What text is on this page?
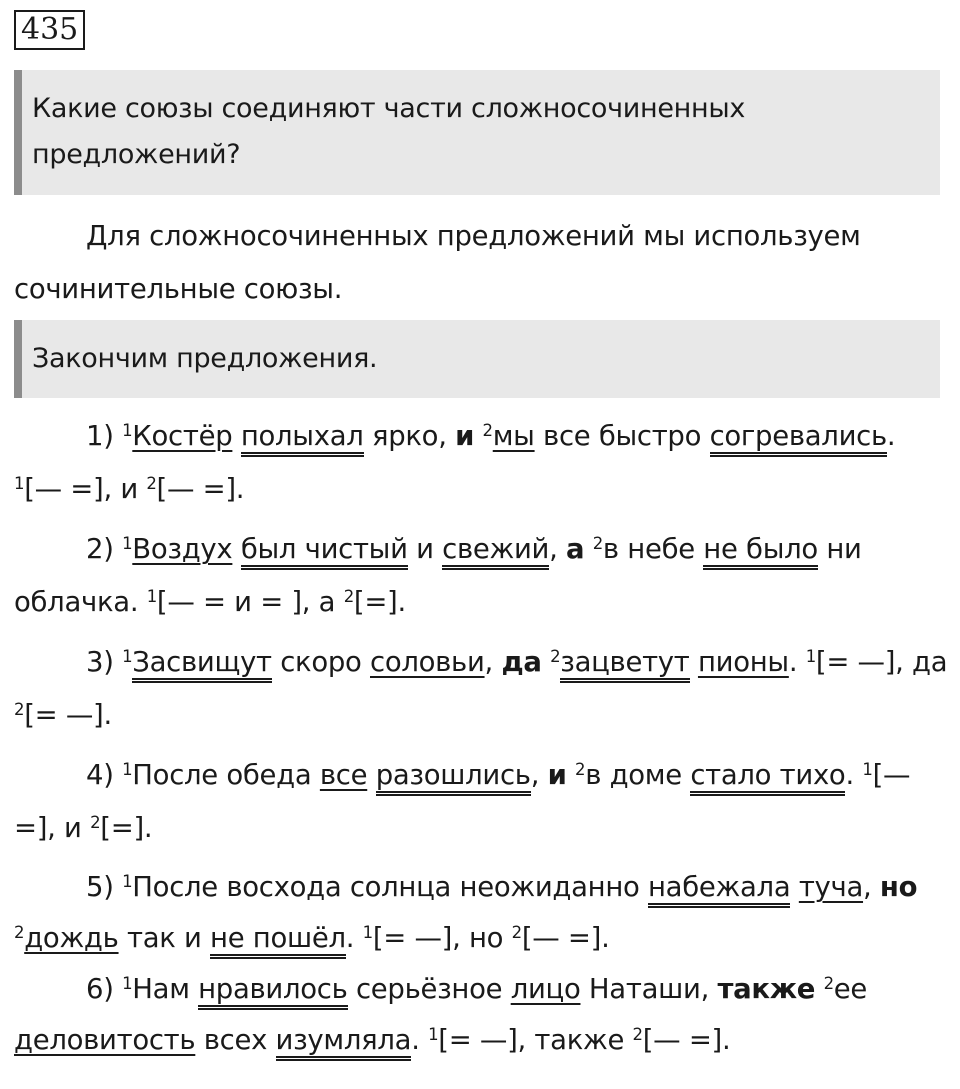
435
Какие союзы соединяют части сложносочиненных предложений?

Для сложносочиненных предложений мы используем сочинительные союзы.

Закончим предложения.

1) $^1$Костёр полыхал ярко, и $^2$мы все быстро согревались. $^1$[— =], и $^2$[— =].

2) $^1$Воздух был чистый и свежий, а $^2$в небе не было ни облачка. $^1$[— = и = ], а $^2$[=].

3) $^1$Засвищут скоро соловьи, да $^2$зацветут пионы. $^1$[= —], да $^2$[= —].

4) $^1$После обеда все разошлись, и $^2$в доме стало тихо. $^1$[— =], и $^2$[=].

5) $^1$После восхода солнца неожиданно набежала туча, но $^2$дождь так и не пошёл. $^1$[= —], но $^2$[— =].

6) $^1$Нам нравилось серьёзное лицо Наташи, также $^2$ее деловитость всех изумляла. $^1$[= —], также $^2$[— =].
